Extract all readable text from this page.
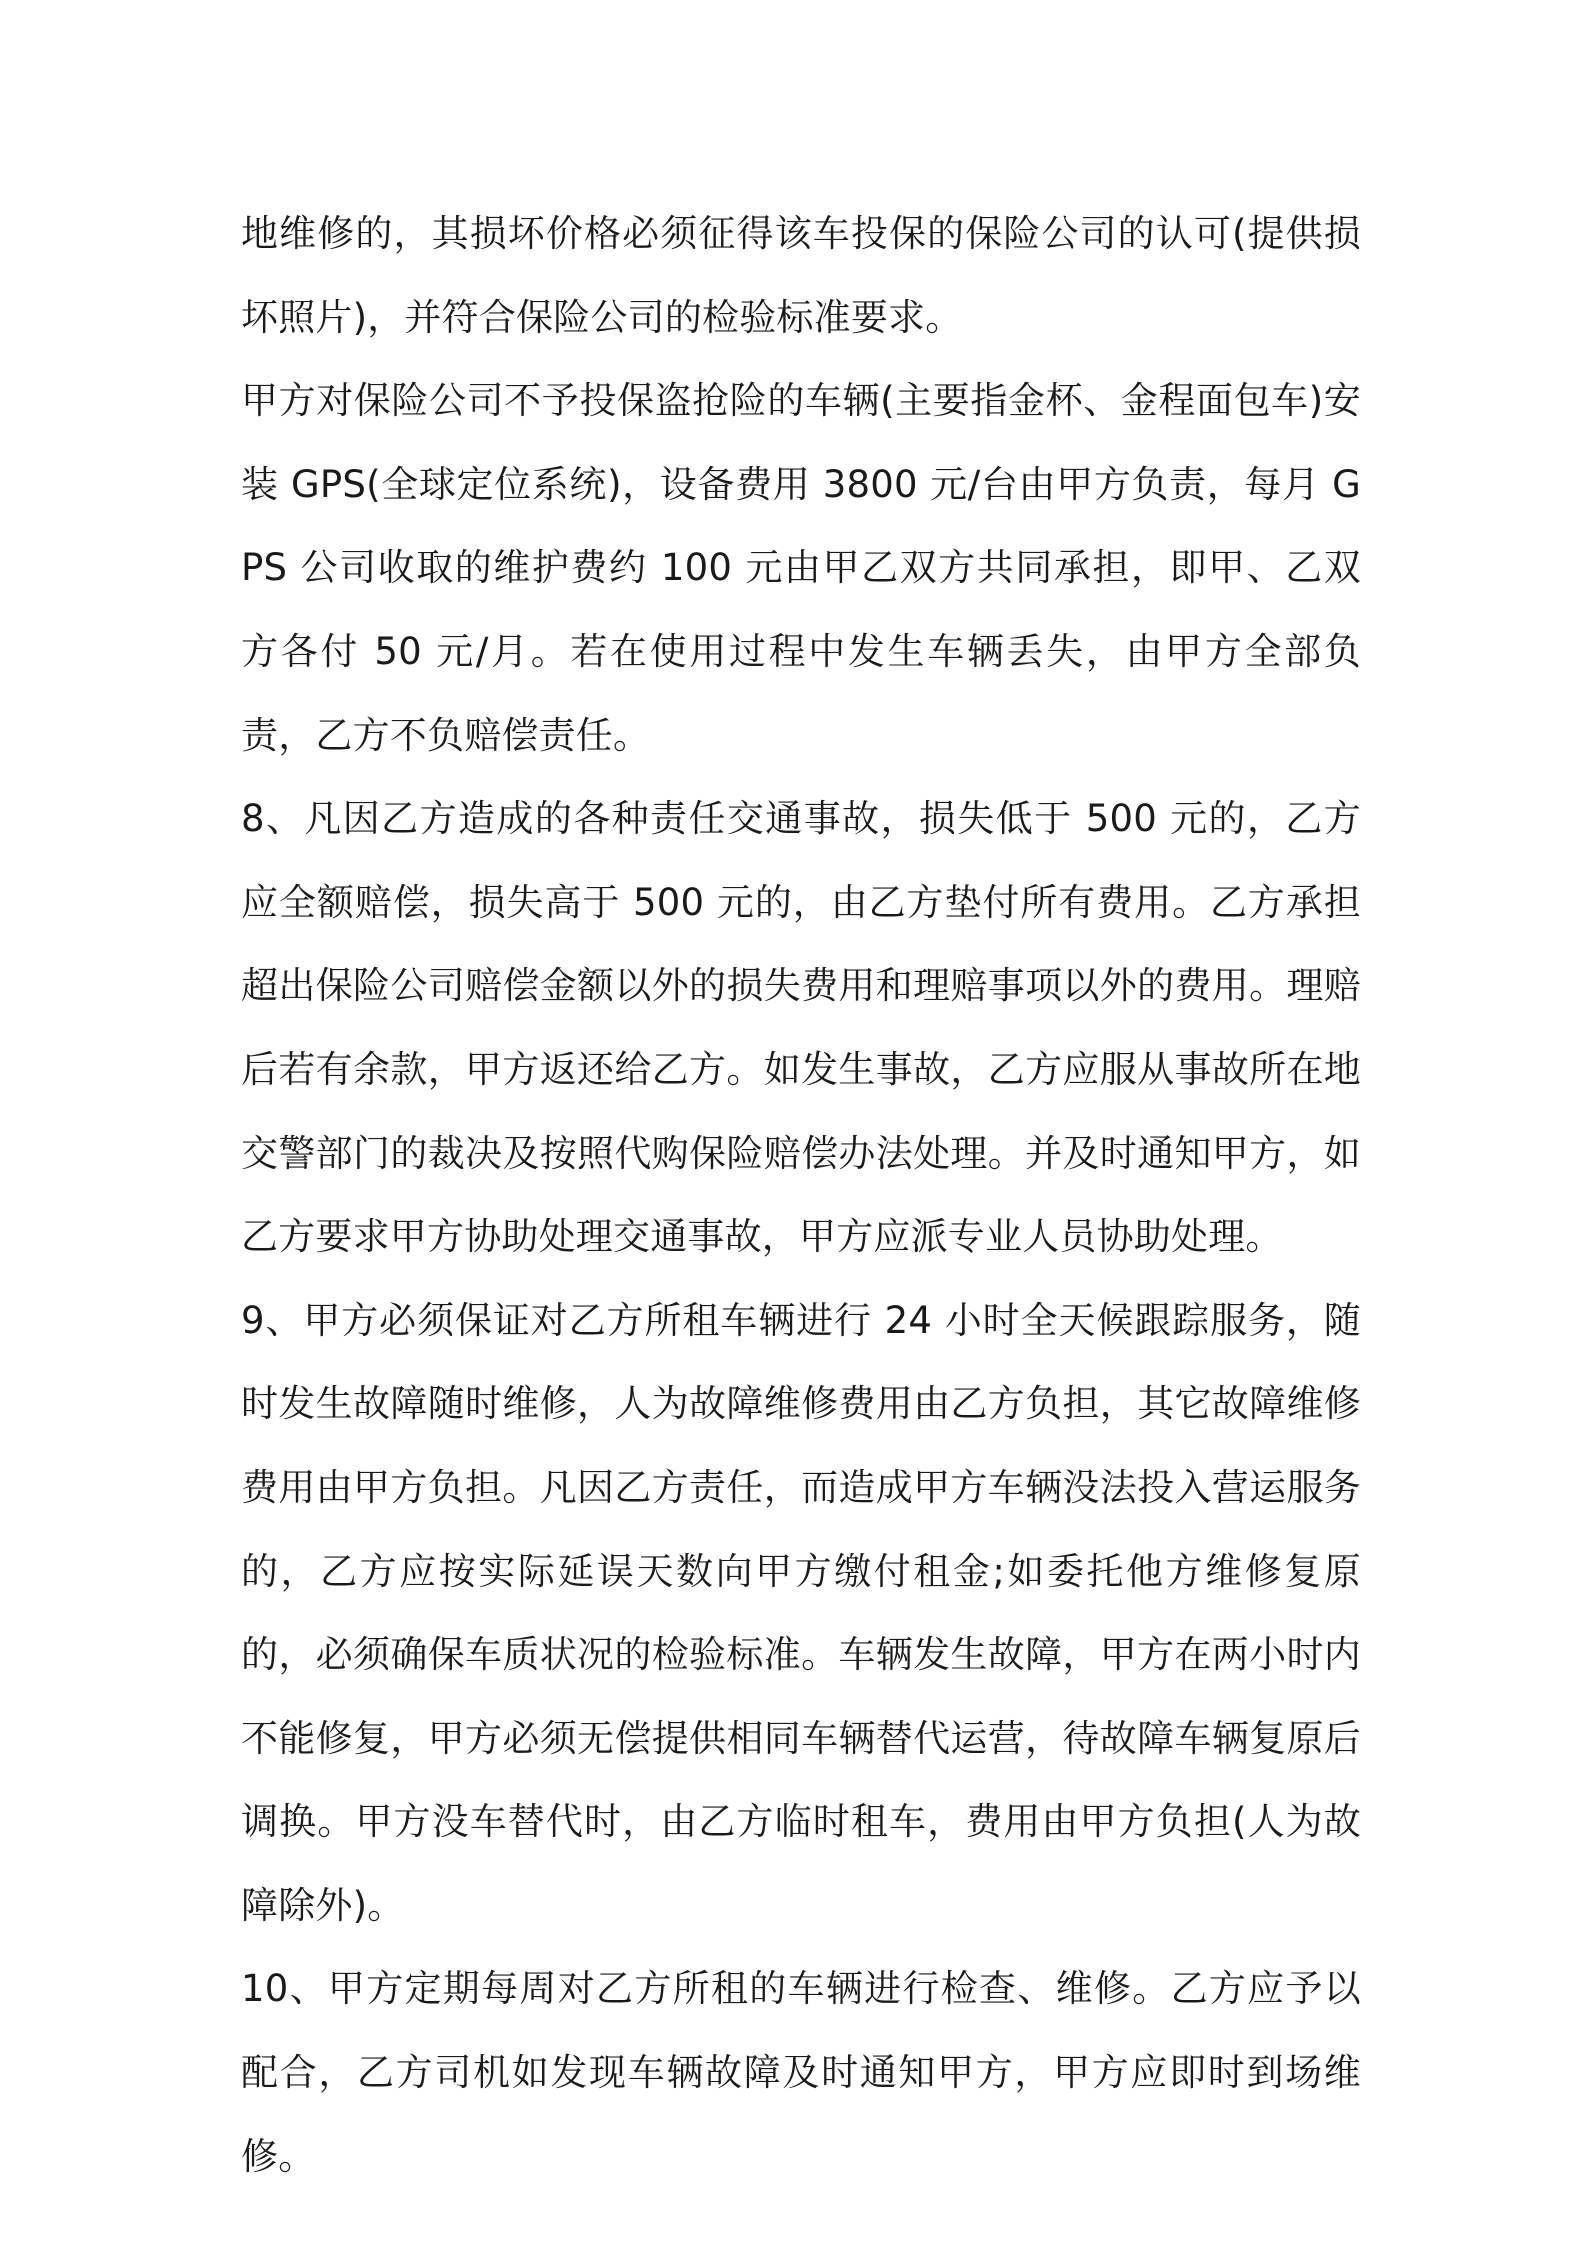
地维修的，其损坏价格必须征得该车投保的保险公司的认可(提供损坏照片)，并符合保险公司的检验标准要求。

甲方对保险公司不予投保盗抢险的车辆(主要指金杯、金程面包车)安装 GPS(全球定位系统)，设备费用 3800 元/台由甲方负责，每月 GPS 公司收取的维护费约 100 元由甲乙双方共同承担，即甲、乙双方各付 50 元/月。若在使用过程中发生车辆丢失，由甲方全部负责，乙方不负赔偿责任。

8、凡因乙方造成的各种责任交通事故，损失低于 500 元的，乙方应全额赔偿，损失高于 500 元的，由乙方垫付所有费用。乙方承担超出保险公司赔偿金额以外的损失费用和理赔事项以外的费用。理赔后若有余款，甲方返还给乙方。如发生事故，乙方应服从事故所在地交警部门的裁决及按照代购保险赔偿办法处理。并及时通知甲方，如乙方要求甲方协助处理交通事故，甲方应派专业人员协助处理。

9、甲方必须保证对乙方所租车辆进行 24 小时全天候跟踪服务，随时发生故障随时维修，人为故障维修费用由乙方负担，其它故障维修费用由甲方负担。凡因乙方责任，而造成甲方车辆没法投入营运服务的，乙方应按实际延误天数向甲方缴付租金;如委托他方维修复原的，必须确保车质状况的检验标准。车辆发生故障，甲方在两小时内不能修复，甲方必须无偿提供相同车辆替代运营，待故障车辆复原后调换。甲方没车替代时，由乙方临时租车，费用由甲方负担(人为故障除外)。

10、甲方定期每周对乙方所租的车辆进行检查、维修。乙方应予以配合，乙方司机如发现车辆故障及时通知甲方，甲方应即时到场维修。
